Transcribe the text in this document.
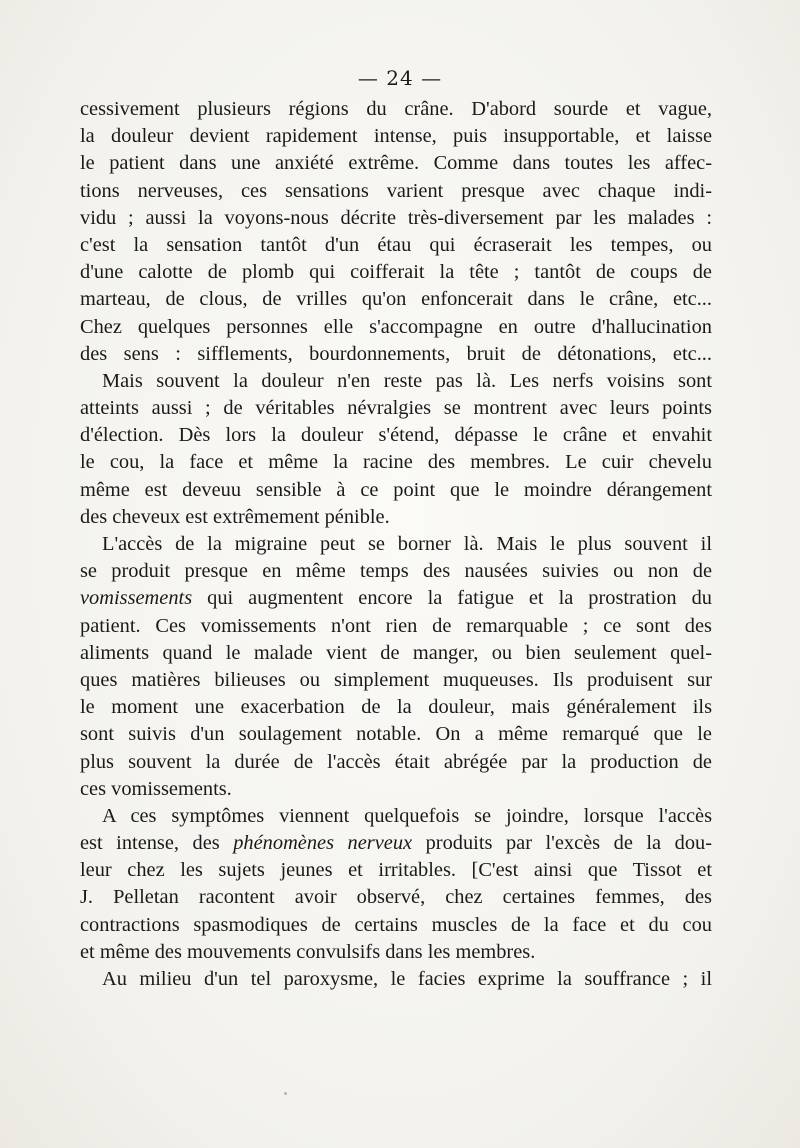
— 24 —
cessivement plusieurs régions du crâne. D'abord sourde et vague,
la douleur devient rapidement intense, puis insupportable, et laisse
le patient dans une anxiété extrême. Comme dans toutes les affec-
tions nerveuses, ces sensations varient presque avec chaque indi-
vidu ; aussi la voyons-nous décrite très-diversement par les malades :
c'est la sensation tantôt d'un étau qui écraserait les tempes, ou
d'une calotte de plomb qui coifferait la tête ; tantôt de coups de
marteau, de clous, de vrilles qu'on enfoncerait dans le crâne, etc...
Chez quelques personnes elle s'accompagne en outre d'hallucination
des sens : sifflements, bourdonnements, bruit de détonations, etc...
Mais souvent la douleur n'en reste pas là. Les nerfs voisins sont
atteints aussi ; de véritables névralgies se montrent avec leurs points
d'élection. Dès lors la douleur s'étend, dépasse le crâne et envahit
le cou, la face et même la racine des membres. Le cuir chevelu
même est deveuu sensible à ce point que le moindre dérangement
des cheveux est extrêmement pénible.
L'accès de la migraine peut se borner là. Mais le plus souvent il
se produit presque en même temps des nausées suivies ou non de
vomissements qui augmentent encore la fatigue et la prostration du
patient. Ces vomissements n'ont rien de remarquable ; ce sont des
aliments quand le malade vient de manger, ou bien seulement quel-
ques matières bilieuses ou simplement muqueuses. Ils produisent sur
le moment une exacerbation de la douleur, mais généralement ils
sont suivis d'un soulagement notable. On a même remarqué que le
plus souvent la durée de l'accès était abrégée par la production de
ces vomissements.
A ces symptômes viennent quelquefois se joindre, lorsque l'accès
est intense, des phénomènes nerveux produits par l'excès de la dou-
leur chez les sujets jeunes et irritables. [C'est ainsi que Tissot et
J. Pelletan racontent avoir observé, chez certaines femmes, des
contractions spasmodiques de certains muscles de la face et du cou
et même des mouvements convulsifs dans les membres.
Au milieu d'un tel paroxysme, le facies exprime la souffrance ; il
